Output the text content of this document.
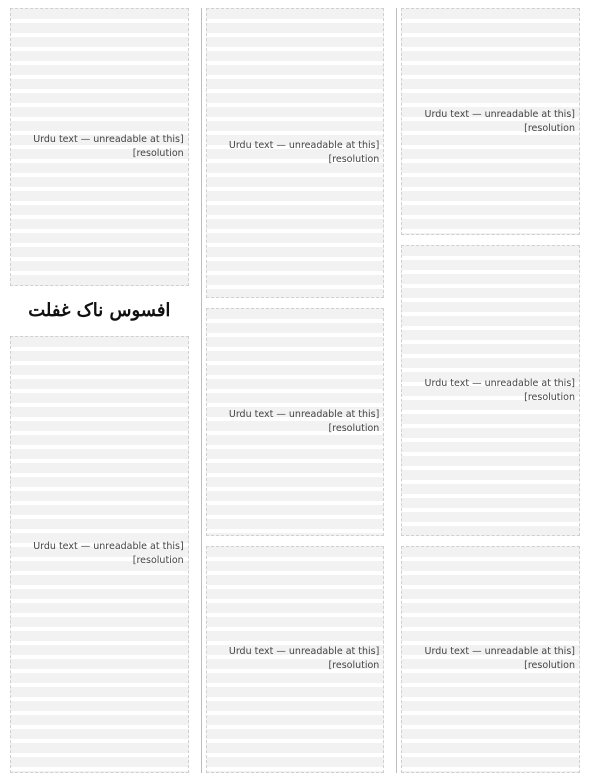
[Urdu text — unreadable at this resolution]
[Urdu text — unreadable at this resolution]
[Urdu text — unreadable at this resolution]
[Urdu text — unreadable at this resolution]
[Urdu text — unreadable at this resolution]
[Urdu text — unreadable at this resolution]
[Urdu text — unreadable at this resolution]
افسوس ناک غفلت
[Urdu text — unreadable at this resolution]
